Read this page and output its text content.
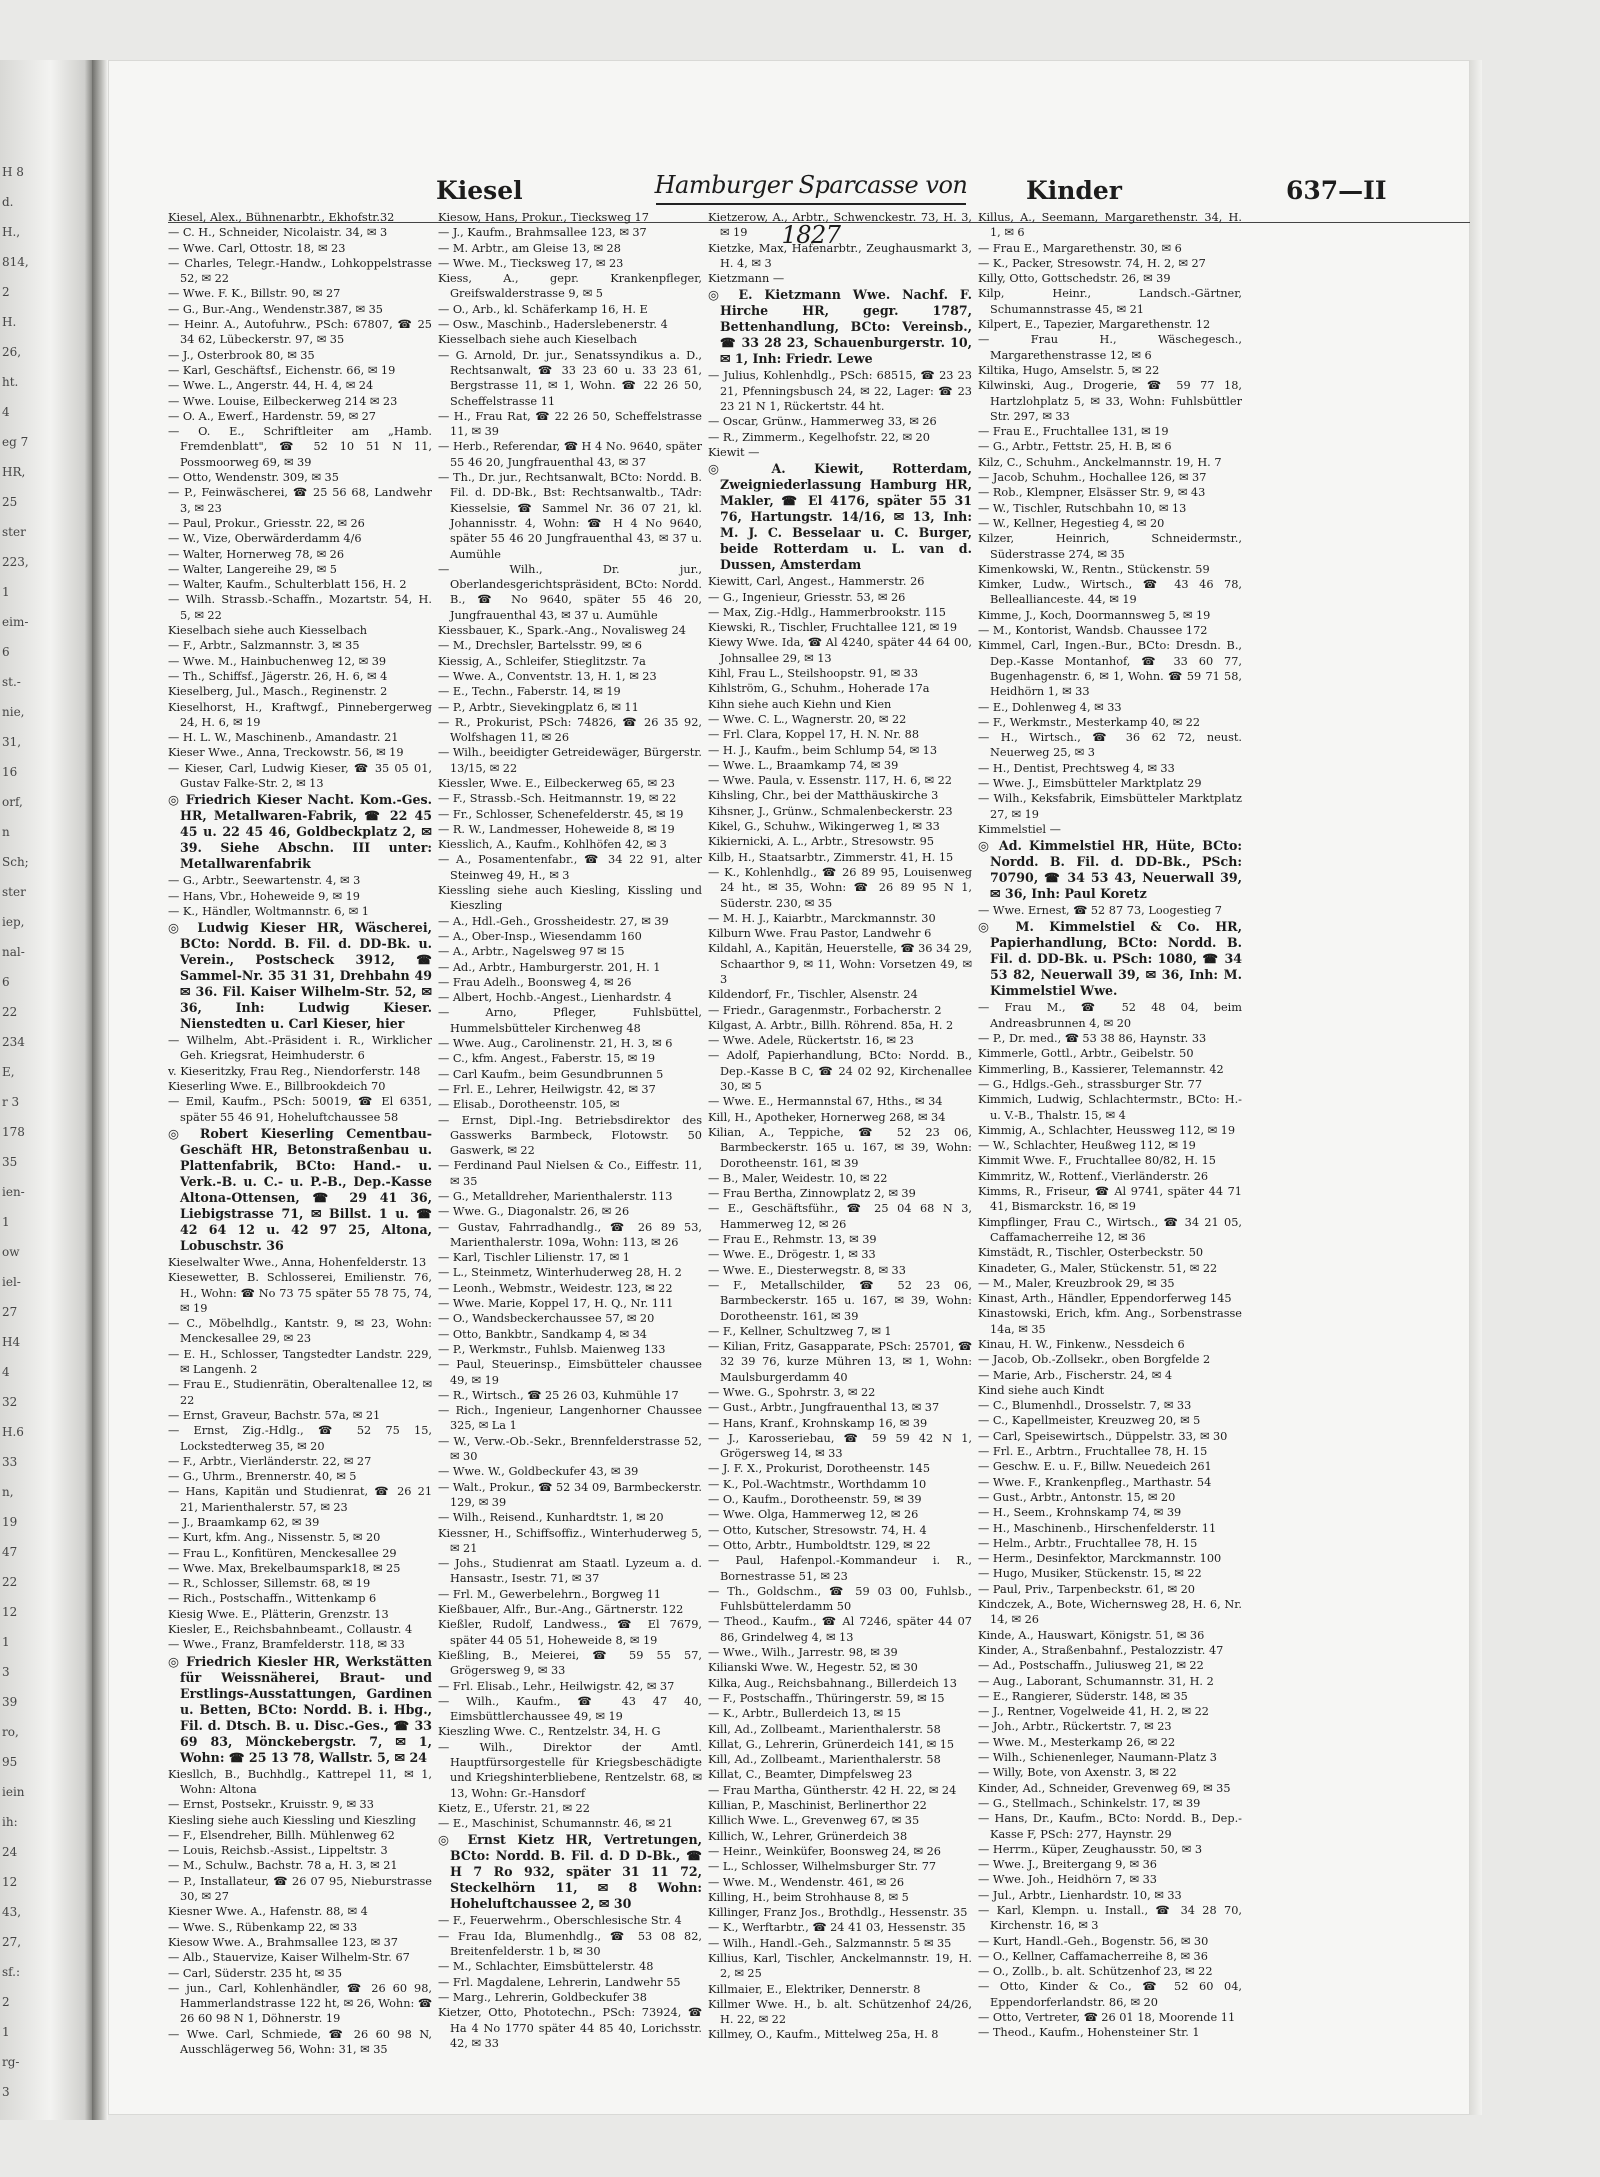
H 8
d.
H.,
814,
2
H.
26,
ht.
4
eg 7
HR,
25
ster
223,
1
eim-
6
st.-
nie,
31,
16
orf,
n
Sch;
ster
iep,
nal-
6
22
234
E,
r 3
178
35
ien-
1
ow
iel-
27
H4
4
32
H.6
33
n,
19
47
22
12
1
3
39
ro,
95
iein
ih:
24
12
43,
27,
sf.:
2
1
rg-
3
Kiesel	Hamburger Sparcasse von 1827
Kinder	637—II

Kiesel, Alex., Bühnenarbtr., Ekhofstr.32

— C. H., Schneider, Nicolaistr. 34, ✉ 3

— Wwe. Carl, Ottostr. 18, ✉ 23

— Charles, Telegr.-Handw., Lohkoppelstrasse 52, ✉ 22

— Wwe. F. K., Billstr. 90, ✉ 27

— G., Bur.-Ang., Wendenstr.387, ✉ 35

— Heinr. A., Autofuhrw., PSch: 67807, ☎ 25 34 62, Lübeckerstr. 97, ✉ 35

— J., Osterbrook 80, ✉ 35

— Karl, Geschäftsf., Eichenstr. 66, ✉ 19

— Wwe. L., Angerstr. 44, H. 4, ✉ 24

— Wwe. Louise, Eilbeckerweg 214 ✉ 23

— O. A., Ewerf., Hardenstr. 59, ✉ 27

— O. E., Schriftleiter am „Hamb. Fremdenblatt", ☎ 52 10 51 N 11, Possmoorweg 69, ✉ 39

— Otto, Wendenstr. 309, ✉ 35

— P., Feinwäscherei, ☎ 25 56 68, Landwehr 3, ✉ 23

— Paul, Prokur., Griesstr. 22, ✉ 26

— W., Vize, Oberwärderdamm 4/6

— Walter, Hornerweg 78, ✉ 26

— Walter, Langereihe 29, ✉ 5

— Walter, Kaufm., Schulterblatt 156, H. 2

— Wilh. Strassb.-Schaffn., Mozartstr. 54, H. 5, ✉ 22

Kieselbach siehe auch Kiesselbach

— F., Arbtr., Salzmannstr. 3, ✉ 35

— Wwe. M., Hainbuchenweg 12, ✉ 39

— Th., Schiffsf., Jägerstr. 26, H. 6, ✉ 4

Kieselberg, Jul., Masch., Reginenstr. 2

Kieselhorst, H., Kraftwgf., Pinnebergerweg 24, H. 6, ✉ 19

— H. L. W., Maschinenb., Amandastr. 21

Kieser Wwe., Anna, Treckowstr. 56, ✉ 19

— Kieser, Carl, Ludwig Kieser, ☎ 35 05 01, Gustav Falke-Str. 2, ✉ 13

◎ Friedrich Kieser Nacht. Kom.-Ges. HR, Metallwaren-Fabrik, ☎ 22 45 45 u. 22 45 46, Goldbeckplatz 2, ✉ 39. Siehe Abschn. III unter: Metallwarenfabrik

— G., Arbtr., Seewartenstr. 4, ✉ 3

— Hans, Vbr., Hoheweide 9, ✉ 19

— K., Händler, Woltmannstr. 6, ✉ 1

◎ Ludwig Kieser HR, Wäscherei, BCto: Nordd. B. Fil. d. DD-Bk. u. Verein., Postscheck 3912, ☎ Sammel-Nr. 35 31 31, Drehbahn 49 ✉ 36. Fil. Kaiser Wilhelm-Str. 52, ✉ 36, Inh: Ludwig Kieser. Nienstedten u. Carl Kieser, hier

— Wilhelm, Abt.-Präsident i. R., Wirklicher Geh. Kriegsrat, Heimhuderstr. 6

v. Kieseritzky, Frau Reg., Niendorferstr. 148

Kieserling Wwe. E., Billbrookdeich 70

— Emil, Kaufm., PSch: 50019, ☎ El 6351, später 55 46 91, Hoheluftchaussee 58

◎ Robert Kieserling Cementbau-Geschäft HR, Betonstraßenbau u. Plattenfabrik, BCto: Hand.- u. Verk.-B. u. C.- u. P.-B., Dep.-Kasse Altona-Ottensen, ☎ 29 41 36, Liebigstrasse 71, ✉ Billst. 1 u. ☎ 42 64 12 u. 42 97 25, Altona, Lobuschstr. 36

Kieselwalter Wwe., Anna, Hohenfelderstr. 13

Kiesewetter, B. Schlosserei, Emilienstr. 76, H., Wohn: ☎ No 73 75 später 55 78 75, 74, ✉ 19

— C., Möbelhdlg., Kantstr. 9, ✉ 23, Wohn: Menckesallee 29, ✉ 23

— E. H., Schlosser, Tangstedter Landstr. 229, ✉ Langenh. 2

— Frau E., Studienrätin, Oberaltenallee 12, ✉ 22

— Ernst, Graveur, Bachstr. 57a, ✉ 21

— Ernst, Zig.-Hdlg., ☎ 52 75 15, Lockstedterweg 35, ✉ 20

— F., Arbtr., Vierländerstr. 22, ✉ 27

— G., Uhrm., Brennerstr. 40, ✉ 5

— Hans, Kapitän und Studienrat, ☎ 26 21 21, Marienthalerstr. 57, ✉ 23

— J., Braamkamp 62, ✉ 39

— Kurt, kfm. Ang., Nissenstr. 5, ✉ 20

— Frau L., Konfitüren, Menckesallee 29

— Wwe. Max, Brekelbaumspark18, ✉ 25

— R., Schlosser, Sillemstr. 68, ✉ 19

— Rich., Postschaffn., Wittenkamp 6

Kiesig Wwe. E., Plätterin, Grenzstr. 13

Kiesler, E., Reichsbahnbeamt., Collaustr. 4

— Wwe., Franz, Bramfelderstr. 118, ✉ 33

◎ Friedrich Kiesler HR, Werkstätten für Weissnäherei, Braut- und Erstlings-Ausstattungen, Gardinen u. Betten, BCto: Nordd. B. i. Hbg., Fil. d. Dtsch. B. u. Disc.-Ges., ☎ 33 69 83, Mönckebergstr. 7, ✉ 1, Wohn: ☎ 25 13 78, Wallstr. 5, ✉ 24

Kiesllch, B., Buchhdlg., Kattrepel 11, ✉ 1, Wohn: Altona

— Ernst, Postsekr., Kruisstr. 9, ✉ 33

Kiesling siehe auch Kiessling und Kieszling

— F., Elsendreher, Billh. Mühlenweg 62

— Louis, Reichsb.-Assist., Lippeltstr. 3

— M., Schulw., Bachstr. 78 a, H. 3, ✉ 21

— P., Installateur, ☎ 26 07 95, Nieburstrasse 30, ✉ 27

Kiesner Wwe. A., Hafenstr. 88, ✉ 4

— Wwe. S., Rübenkamp 22, ✉ 33

Kiesow Wwe. A., Brahmsallee 123, ✉ 37

— Alb., Stauervize, Kaiser Wilhelm-Str. 67

— Carl, Süderstr. 235 ht, ✉ 35

— jun., Carl, Kohlenhändler, ☎ 26 60 98, Hammerlandstrasse 122 ht, ✉ 26, Wohn: ☎ 26 60 98 N 1, Döhnerstr. 19

— Wwe. Carl, Schmiede, ☎ 26 60 98 N, Ausschlägerweg 56, Wohn: 31, ✉ 35

Kiesow, Hans, Prokur., Tiecksweg 17

— J., Kaufm., Brahmsallee 123, ✉ 37

— M. Arbtr., am Gleise 13, ✉ 28

— Wwe. M., Tiecksweg 17, ✉ 23

Kiess, A., gepr. Krankenpfleger, Greifswalderstrasse 9, ✉ 5

— O., Arb., kl. Schäferkamp 16, H. E

— Osw., Maschinb., Haderslebenerstr. 4

Kiesselbach siehe auch Kieselbach

— G. Arnold, Dr. jur., Senatssyndikus a. D., Rechtsanwalt, ☎ 33 23 60 u. 33 23 61, Bergstrasse 11, ✉ 1, Wohn. ☎ 22 26 50, Scheffelstrasse 11

— H., Frau Rat, ☎ 22 26 50, Scheffelstrasse 11, ✉ 39

— Herb., Referendar, ☎ H 4 No. 9640, später 55 46 20, Jungfrauenthal 43, ✉ 37

— Th., Dr. jur., Rechtsanwalt, BCto: Nordd. B. Fil. d. DD-Bk., Bst: Rechtsanwaltb., TAdr: Kiesselsie, ☎ Sammel Nr. 36 07 21, kl. Johannisstr. 4, Wohn: ☎ H 4 No 9640, später 55 46 20 Jungfrauenthal 43, ✉ 37 u. Aumühle

— Wilh., Dr. jur., Oberlandesgerichtspräsident, BCto: Nordd. B., ☎ No 9640, später 55 46 20, Jungfrauenthal 43, ✉ 37 u. Aumühle

Kiessbauer, K., Spark.-Ang., Novalisweg 24

— M., Drechsler, Bartelsstr. 99, ✉ 6

Kiessig, A., Schleifer, Stieglitzstr. 7a

— Wwe. A., Conventstr. 13, H. 1, ✉ 23

— E., Techn., Faberstr. 14, ✉ 19

— P., Arbtr., Sievekingplatz 6, ✉ 11

— R., Prokurist, PSch: 74826, ☎ 26 35 92, Wolfshagen 11, ✉ 26

— Wilh., beeidigter Getreidewäger, Bürgerstr. 13/15, ✉ 22

Kiessler, Wwe. E., Eilbeckerweg 65, ✉ 23

— F., Strassb.-Sch. Heitmannstr. 19, ✉ 22

— Fr., Schlosser, Schenefelderstr. 45, ✉ 19

— R. W., Landmesser, Hoheweide 8, ✉ 19

Kiesslich, A., Kaufm., Kohlhöfen 42, ✉ 3

— A., Posamentenfabr., ☎ 34 22 91, alter Steinweg 49, H., ✉ 3

Kiessling siehe auch Kiesling, Kissling und Kieszling

— A., Hdl.-Geh., Grossheidestr. 27, ✉ 39

— A., Ober-Insp., Wiesendamm 160

— A., Arbtr., Nagelsweg 97 ✉ 15

— Ad., Arbtr., Hamburgerstr. 201, H. 1

— Frau Adelh., Boonsweg 4, ✉ 26

— Albert, Hochb.-Angest., Lienhardstr. 4

— Arno, Pfleger, Fuhlsbüttel, Hummelsbütteler Kirchenweg 48

— Wwe. Aug., Carolinenstr. 21, H. 3, ✉ 6

— C., kfm. Angest., Faberstr. 15, ✉ 19

— Carl Kaufm., beim Gesundbrunnen 5

— Frl. E., Lehrer, Heilwigstr. 42, ✉ 37

— Elisab., Dorotheenstr. 105, ✉

— Ernst, Dipl.-Ing. Betriebsdirektor des Gasswerks Barmbeck, Flotowstr. 50 Gaswerk, ✉ 22

— Ferdinand Paul Nielsen & Co., Eiffestr. 11, ✉ 35

— G., Metalldreher, Marienthalerstr. 113

— Wwe. G., Diagonalstr. 26, ✉ 26

— Gustav, Fahrradhandlg., ☎ 26 89 53, Marienthalerstr. 109a, Wohn: 113, ✉ 26

— Karl, Tischler Lilienstr. 17, ✉ 1

— L., Steinmetz, Winterhuderweg 28, H. 2

— Leonh., Webmstr., Weidestr. 123, ✉ 22

— Wwe. Marie, Koppel 17, H. Q., Nr. 111

— O., Wandsbeckerchaussee 57, ✉ 20

— Otto, Bankbtr., Sandkamp 4, ✉ 34

— P., Werkmstr., Fuhlsb. Maienweg 133

— Paul, Steuerinsp., Eimsbütteler chaussee 49, ✉ 19

— R., Wirtsch., ☎ 25 26 03, Kuhmühle 17

— Rich., Ingenieur, Langenhorner Chaussee 325, ✉ La 1

— W., Verw.-Ob.-Sekr., Brennfelderstrasse 52, ✉ 30

— Wwe. W., Goldbeckufer 43, ✉ 39

— Walt., Prokur., ☎ 52 34 09, Barmbeckerstr. 129, ✉ 39

— Wilh., Reisend., Kunhardtstr. 1, ✉ 20

Kiessner, H., Schiffsoffiz., Winterhuderweg 5, ✉ 21

— Johs., Studienrat am Staatl. Lyzeum a. d. Hansastr., Isestr. 71, ✉ 37

— Frl. M., Gewerbelehrn., Borgweg 11

Kießbauer, Alfr., Bur.-Ang., Gärtnerstr. 122

Kießler, Rudolf, Landwess., ☎ El 7679, später 44 05 51, Hoheweide 8, ✉ 19

Kießling, B., Meierei, ☎ 59 55 57, Grögersweg 9, ✉ 33

— Frl. Elisab., Lehr., Heilwigstr. 42, ✉ 37

— Wilh., Kaufm., ☎ 43 47 40, Eimsbüttlerchaussee 49, ✉ 19

Kieszling Wwe. C., Rentzelstr. 34, H. G

— Wilh., Direktor der Amtl. Hauptfürsorgestelle für Kriegsbeschädigte und Kriegshinterbliebene, Rentzelstr. 68, ✉ 13, Wohn: Gr.-Hansdorf

Kietz, E., Uferstr. 21, ✉ 22

— E., Maschinist, Schumannstr. 46, ✉ 21

◎ Ernst Kietz HR, Vertretungen, BCto: Nordd. B. Fil. d. D D-Bk., ☎ H 7 Ro 932, später 31 11 72, Steckelhörn 11, ✉ 8 Wohn: Hoheluftchaussee 2, ✉ 30

— F., Feuerwehrm., Oberschlesische Str. 4

— Frau Ida, Blumenhdlg., ☎ 53 08 82, Breitenfelderstr. 1 b, ✉ 30

— M., Schlachter, Eimsbüttelerstr. 48

— Frl. Magdalene, Lehrerin, Landwehr 55

— Marg., Lehrerin, Goldbeckufer 38

Kietzer, Otto, Phototechn., PSch: 73924, ☎ Ha 4 No 1770 später 44 85 40, Lorichsstr. 42, ✉ 33

Kietzerow, A., Arbtr., Schwenckestr. 73, H. 3, ✉ 19

Kietzke, Max, Hafenarbtr., Zeughausmarkt 3, H. 4, ✉ 3

Kietzmann —

◎ E. Kietzmann Wwe. Nachf. F. Hirche HR, gegr. 1787, Bettenhandlung, BCto: Vereinsb., ☎ 33 28 23, Schauenburgerstr. 10, ✉ 1, Inh: Friedr. Lewe

— Julius, Kohlenhdlg., PSch: 68515, ☎ 23 23 21, Pfenningsbusch 24, ✉ 22, Lager: ☎ 23 23 21 N 1, Rückertstr. 44 ht.

— Oscar, Grünw., Hammerweg 33, ✉ 26

— R., Zimmerm., Kegelhofstr. 22, ✉ 20

Kiewit —

◎ A. Kiewit, Rotterdam, Zweigniederlassung Hamburg HR, Makler, ☎ El 4176, später 55 31 76, Hartungstr. 14/16, ✉ 13, Inh: M. J. C. Besselaar u. C. Burger, beide Rotterdam u. L. van d. Dussen, Amsterdam

Kiewitt, Carl, Angest., Hammerstr. 26

— G., Ingenieur, Griesstr. 53, ✉ 26

— Max, Zig.-Hdlg., Hammerbrookstr. 115

Kiewski, R., Tischler, Fruchtallee 121, ✉ 19

Kiewy Wwe. Ida, ☎ Al 4240, später 44 64 00, Johnsallee 29, ✉ 13

Kihl, Frau L., Steilshoopstr. 91, ✉ 33

Kihlström, G., Schuhm., Hoherade 17a

Kihn siehe auch Kiehn und Kien

— Wwe. C. L., Wagnerstr. 20, ✉ 22

— Frl. Clara, Koppel 17, H. N. Nr. 88

— H. J., Kaufm., beim Schlump 54, ✉ 13

— Wwe. L., Braamkamp 74, ✉ 39

— Wwe. Paula, v. Essenstr. 117, H. 6, ✉ 22

Kihsling, Chr., bei der Matthäuskirche 3

Kihsner, J., Grünw., Schmalenbeckerstr. 23

Kikel, G., Schuhw., Wikingerweg 1, ✉ 33

Kikiernicki, A. L., Arbtr., Stresowstr. 95

Kilb, H., Staatsarbtr., Zimmerstr. 41, H. 15

— K., Kohlenhdlg., ☎ 26 89 95, Louisenweg 24 ht., ✉ 35, Wohn: ☎ 26 89 95 N 1, Süderstr. 230, ✉ 35

— M. H. J., Kaiarbtr., Marckmannstr. 30

Kilburn Wwe. Frau Pastor, Landwehr 6

Kildahl, A., Kapitän, Heuerstelle, ☎ 36 34 29, Schaarthor 9, ✉ 11, Wohn: Vorsetzen 49, ✉ 3

Kildendorf, Fr., Tischler, Alsenstr. 24

— Friedr., Garagenmstr., Forbacherstr. 2

Kilgast, A. Arbtr., Billh. Röhrend. 85a, H. 2

— Wwe. Adele, Rückertstr. 16, ✉ 23

— Adolf, Papierhandlung, BCto: Nordd. B., Dep.-Kasse B C, ☎ 24 02 92, Kirchenallee 30, ✉ 5

— Wwe. E., Hermannstal 67, Hths., ✉ 34

Kill, H., Apotheker, Hornerweg 268, ✉ 34

Kilian, A., Teppiche, ☎ 52 23 06, Barmbeckerstr. 165 u. 167, ✉ 39, Wohn: Dorotheenstr. 161, ✉ 39

— B., Maler, Weidestr. 10, ✉ 22

— Frau Bertha, Zinnowplatz 2, ✉ 39

— E., Geschäftsführ., ☎ 25 04 68 N 3, Hammerweg 12, ✉ 26

— Frau E., Rehmstr. 13, ✉ 39

— Wwe. E., Drögestr. 1, ✉ 33

— Wwe. E., Diesterwegstr. 8, ✉ 33

— F., Metallschilder, ☎ 52 23 06, Barmbeckerstr. 165 u. 167, ✉ 39, Wohn: Dorotheenstr. 161, ✉ 39

— F., Kellner, Schultzweg 7, ✉ 1

— Kilian, Fritz, Gasapparate, PSch: 25701, ☎ 32 39 76, kurze Mühren 13, ✉ 1, Wohn: Maulsburgerdamm 40

— Wwe. G., Spohrstr. 3, ✉ 22

— Gust., Arbtr., Jungfrauenthal 13, ✉ 37

— Hans, Kranf., Krohnskamp 16, ✉ 39

— J., Karosseriebau, ☎ 59 59 42 N 1, Grögersweg 14, ✉ 33

— J. F. X., Prokurist, Dorotheenstr. 145

— K., Pol.-Wachtmstr., Worthdamm 10

— O., Kaufm., Dorotheenstr. 59, ✉ 39

— Wwe. Olga, Hammerweg 12, ✉ 26

— Otto, Kutscher, Stresowstr. 74, H. 4

— Otto, Arbtr., Humboldtstr. 129, ✉ 22

— Paul, Hafenpol.-Kommandeur i. R., Bornestrasse 51, ✉ 23

— Th., Goldschm., ☎ 59 03 00, Fuhlsb., Fuhlsbüttelerdamm 50

— Theod., Kaufm., ☎ Al 7246, später 44 07 86, Grindelweg 4, ✉ 13

— Wwe., Wilh., Jarrestr. 98, ✉ 39

Kilianski Wwe. W., Hegestr. 52, ✉ 30

Kilka, Aug., Reichsbahnang., Billerdeich 13

— F., Postschaffn., Thüringerstr. 59, ✉ 15

— K., Arbtr., Bullerdeich 13, ✉ 15

Kill, Ad., Zollbeamt., Marienthalerstr. 58

Killat, G., Lehrerin, Grünerdeich 141, ✉ 15

Kill, Ad., Zollbeamt., Marienthalerstr. 58

Killat, C., Beamter, Dimpfelsweg 23

— Frau Martha, Güntherstr. 42 H. 22, ✉ 24

Killian, P., Maschinist, Berlinerthor 22

Killich Wwe. L., Grevenweg 67, ✉ 35

Killich, W., Lehrer, Grünerdeich 38

— Heinr., Weinküfer, Boonsweg 24, ✉ 26

— L., Schlosser, Wilhelmsburger Str. 77

— Wwe. M., Wendenstr. 461, ✉ 26

Killing, H., beim Strohhause 8, ✉ 5

Killinger, Franz Jos., Brothdlg., Hessenstr. 35

— K., Werftarbtr., ☎ 24 41 03, Hessenstr. 35

— Wilh., Handl.-Geh., Salzmannstr. 5 ✉ 35

Killius, Karl, Tischler, Anckelmannstr. 19, H. 2, ✉ 25

Killmaier, E., Elektriker, Dennerstr. 8

Killmer Wwe. H., b. alt. Schützenhof 24/26, H. 22, ✉ 22

Killmey, O., Kaufm., Mittelweg 25a, H. 8

Killus, A., Seemann, Margarethenstr. 34, H. 1, ✉ 6

— Frau E., Margarethenstr. 30, ✉ 6

— K., Packer, Stresowstr. 74, H. 2, ✉ 27

Killy, Otto, Gottschedstr. 26, ✉ 39

Kilp, Heinr., Landsch.-Gärtner, Schumannstrasse 45, ✉ 21

Kilpert, E., Tapezier, Margarethenstr. 12

— Frau H., Wäschegesch., Margarethenstrasse 12, ✉ 6

Kiltika, Hugo, Amselstr. 5, ✉ 22

Kilwinski, Aug., Drogerie, ☎ 59 77 18, Hartzlohplatz 5, ✉ 33, Wohn: Fuhlsbüttler Str. 297, ✉ 33

— Frau E., Fruchtallee 131, ✉ 19

— G., Arbtr., Fettstr. 25, H. B, ✉ 6

Kilz, C., Schuhm., Anckelmannstr. 19, H. 7

— Jacob, Schuhm., Hochallee 126, ✉ 37

— Rob., Klempner, Elsässer Str. 9, ✉ 43

— W., Tischler, Rutschbahn 10, ✉ 13

— W., Kellner, Hegestieg 4, ✉ 20

Kilzer, Heinrich, Schneidermstr., Süderstrasse 274, ✉ 35

Kimenkowski, W., Rentn., Stückenstr. 59

Kimker, Ludw., Wirtsch., ☎ 43 46 78, Belleallianceste. 44, ✉ 19

Kimme, J., Koch, Doormannsweg 5, ✉ 19

— M., Kontorist, Wandsb. Chaussee 172

Kimmel, Carl, Ingen.-Bur., BCto: Dresdn. B., Dep.-Kasse Montanhof, ☎ 33 60 77, Bugenhagenstr. 6, ✉ 1, Wohn. ☎ 59 71 58, Heidhörn 1, ✉ 33

— E., Dohlenweg 4, ✉ 33

— F., Werkmstr., Mesterkamp 40, ✉ 22

— H., Wirtsch., ☎ 36 62 72, neust. Neuerweg 25, ✉ 3

— H., Dentist, Prechtsweg 4, ✉ 33

— Wwe. J., Eimsbütteler Marktplatz 29

— Wilh., Keksfabrik, Eimsbütteler Marktplatz 27, ✉ 19

Kimmelstiel —

◎ Ad. Kimmelstiel HR, Hüte, BCto: Nordd. B. Fil. d. DD-Bk., PSch: 70790, ☎ 34 53 43, Neuerwall 39, ✉ 36, Inh: Paul Koretz

— Wwe. Ernest, ☎ 52 87 73, Loogestieg 7

◎ M. Kimmelstiel & Co. HR, Papierhandlung, BCto: Nordd. B. Fil. d. DD-Bk. u. PSch: 1080, ☎ 34 53 82, Neuerwall 39, ✉ 36, Inh: M. Kimmelstiel Wwe.

— Frau M., ☎ 52 48 04, beim Andreasbrunnen 4, ✉ 20

— P., Dr. med., ☎ 53 38 86, Haynstr. 33

Kimmerle, Gottl., Arbtr., Geibelstr. 50

Kimmerling, B., Kassierer, Telemannstr. 42

— G., Hdlgs.-Geh., strassburger Str. 77

Kimmich, Ludwig, Schlachtermstr., BCto: H.- u. V.-B., Thalstr. 15, ✉ 4

Kimmig, A., Schlachter, Heussweg 112, ✉ 19

— W., Schlachter, Heußweg 112, ✉ 19

Kimmit Wwe. F., Fruchtallee 80/82, H. 15

Kimmritz, W., Rottenf., Vierländerstr. 26

Kimms, R., Friseur, ☎ Al 9741, später 44 71 41, Bismarckstr. 16, ✉ 19

Kimpflinger, Frau C., Wirtsch., ☎ 34 21 05, Caffamacherreihe 12, ✉ 36

Kimstädt, R., Tischler, Osterbeckstr. 50

Kinadeter, G., Maler, Stückenstr. 51, ✉ 22

— M., Maler, Kreuzbrook 29, ✉ 35

Kinast, Arth., Händler, Eppendorferweg 145

Kinastowski, Erich, kfm. Ang., Sorbenstrasse 14a, ✉ 35

Kinau, H. W., Finkenw., Nessdeich 6

— Jacob, Ob.-Zollsekr., oben Borgfelde 2

— Marie, Arb., Fischerstr. 24, ✉ 4

Kind siehe auch Kindt

— C., Blumenhdl., Drosselstr. 7, ✉ 33

— C., Kapellmeister, Kreuzweg 20, ✉ 5

— Carl, Speisewirtsch., Düppelstr. 33, ✉ 30

— Frl. E., Arbtrn., Fruchtallee 78, H. 15

— Geschw. E. u. F., Billw. Neuedeich 261

— Wwe. F., Krankenpfleg., Marthastr. 54

— Gust., Arbtr., Antonstr. 15, ✉ 20

— H., Seem., Krohnskamp 74, ✉ 39

— H., Maschinenb., Hirschenfelderstr. 11

— Helm., Arbtr., Fruchtallee 78, H. 15

— Herm., Desinfektor, Marckmannstr. 100

— Hugo, Musiker, Stückenstr. 15, ✉ 22

— Paul, Priv., Tarpenbeckstr. 61, ✉ 20

Kindczek, A., Bote, Wichernsweg 28, H. 6, Nr. 14, ✉ 26

Kinde, A., Hauswart, Königstr. 51, ✉ 36

Kinder, A., Straßenbahnf., Pestalozzistr. 47

— Ad., Postschaffn., Juliusweg 21, ✉ 22

— Aug., Laborant, Schumannstr. 31, H. 2

— E., Rangierer, Süderstr. 148, ✉ 35

— J., Rentner, Vogelweide 41, H. 2, ✉ 22

— Joh., Arbtr., Rückertstr. 7, ✉ 23

— Wwe. M., Mesterkamp 26, ✉ 22

— Wilh., Schienenleger, Naumann-Platz 3

— Willy, Bote, von Axenstr. 3, ✉ 22

Kinder, Ad., Schneider, Grevenweg 69, ✉ 35

— G., Stellmach., Schinkelstr. 17, ✉ 39

— Hans, Dr., Kaufm., BCto: Nordd. B., Dep.-Kasse F, PSch: 277, Haynstr. 29

— Herrm., Küper, Zeughausstr. 50, ✉ 3

— Wwe. J., Breitergang 9, ✉ 36

— Wwe. Joh., Heidhörn 7, ✉ 33

— Jul., Arbtr., Lienhardstr. 10, ✉ 33

— Karl, Klempn. u. Install., ☎ 34 28 70, Kirchenstr. 16, ✉ 3

— Kurt, Handl.-Geh., Bogenstr. 56, ✉ 30

— O., Kellner, Caffamacherreihe 8, ✉ 36

— O., Zollb., b. alt. Schützenhof 23, ✉ 22

— Otto, Kinder & Co., ☎ 52 60 04, Eppendorferlandstr. 86, ✉ 20

— Otto, Vertreter, ☎ 26 01 18, Moorende 11

— Theod., Kaufm., Hohensteiner Str. 1
